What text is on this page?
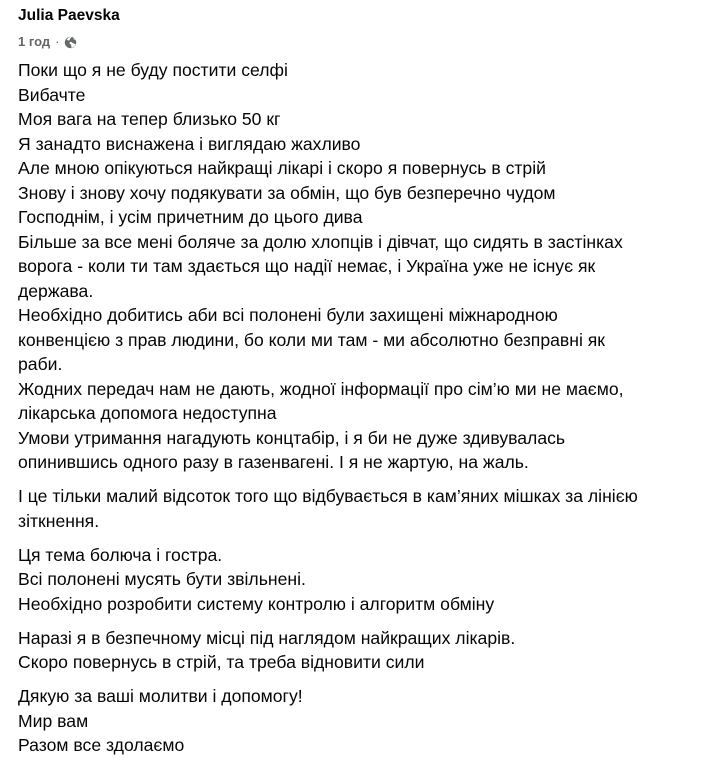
Julia Paevska
1 год ·
Поки що я не буду постити селфі
Вибачте
Моя вага на тепер близько 50 кг
Я занадто виснажена і виглядаю жахливо
Але мною опікуються найкращі лікарі і скоро я повернусь в стрій
Знову і знову хочу подякувати за обмін, що був безперечно чудом
Господнім, і усім причетним до цього дива
Більше за все мені боляче за долю хлопців і дівчат, що сидять в застінках
ворога - коли ти там здається що надії немає, і Україна уже не існує як
держава.
Необхідно добитись аби всі полонені були захищені міжнародною
конвенцією з прав людини, бо коли ми там - ми абсолютно безправні як
раби.
Жодних передач нам не дають, жодної інформації про сім’ю ми не маємо,
лікарська допомога недоступна
Умови утримання нагадують концтабір, і я би не дуже здивувалась
опинившись одного разу в газенвагені. І я не жартую, на жаль.
І це тільки малий відсоток того що відбувається в кам’яних мішках за лінією
зіткнення.
Ця тема болюча і гостра.
Всі полонені мусять бути звільнені.
Необхідно розробити систему контролю і алгоритм обміну
Наразі я в безпечному місці під наглядом найкращих лікарів.
Скоро повернусь в стрій, та треба відновити сили
Дякую за ваші молитви і допомогу!
Мир вам
Разом все здолаємо
